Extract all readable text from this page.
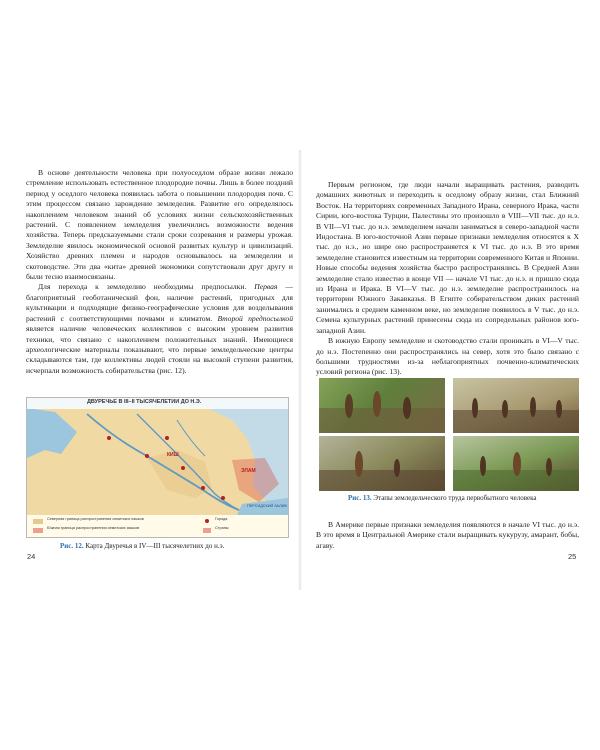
В основе деятельности человека при полуоседлом образе жизни лежало стремление использовать естественное плодородие почвы. Лишь в более поздний период у оседлого человека появилась забота о повышении плодородия почв. С этим процессом связано зарождение земледелия. Развитие его определялось накоплением человеком знаний об условиях жизни сельскохозяйственных растений. С появлением земледелия увеличились возможности ведения хозяйства. Теперь предсказуемыми стали сроки созревания и размеры урожая. Земледелие явилось экономической основой развитых культур и цивилизаций. Хозяйство древних племен и народов основывалось на земледелии и скотоводстве. Эти два «кита» древней экономики сопутствовали друг другу и были тесно взаимосвязаны.

Для перехода к земледелию необходимы предпосылки. Первая — благоприятный геоботанический фон, наличие растений, пригодных для культивации и подходящие физико-географические условия для возделывания растений с соответствующими почвами и климатом. Второй предпосылкой является наличие человеческих коллективов с высоким уровнем развития техники, что связано с накоплением положительных знаний. Имеющиеся археологические материалы показывают, что первые земледельческие центры складываются там, где коллективы людей стояли на высокой ступени развития, исчерпали возможность собирательства (рис. 12).

ДВУРЕЧЬЕ В III–II ТЫСЯЧЕЛЕТИИ ДО Н.Э.
КИШ
ЭЛАМ
ПЕРСИДСКИЙ ЗАЛИВ
Северная граница распространения семитских языков
Южная граница распространения семитских языков
Города
Страны
Рис. 12. Карта Двуречья в IV—III тысячелетних до н.э.
24

Первым регионом, где люди начали выращивать растения, разводить домашних животных и переходить к оседлому образу жизни, стал Ближний Восток. На территориях современных Западного Ирана, северного Ирака, части Сирии, юго-востока Турции, Палестины это произошло в VIII—VII тыс. до н.э. В VII—VI тыс. до н.э. земледелием начали заниматься в северо-западной части Индостана. В юго-восточной Азии первые признаки земледелия относятся к X тыс. до н.э., но шире оно распространяется к VI тыс. до н.э. В это время земледелие становится известным на территории современного Китая и Японии. Новые способы ведения хозяйства быстро распространялись. В Средней Азии земледелие стало известно в конце VII — начале VI тыс. до н.э. и пришло сюда из Ирана и Ирака. В VI—V тыс. до н.э. земледелие распространилось на территории Южного Закавказья. В Египте собирательством диких растений занимались в среднем каменном веке, но земледелие появилось в V тыс. до н.э. Семена культурных растений принесены сюда из сопредельных районов юго-западной Азии.

В южную Европу земледелие и скотоводство стали проникать в VI—V тыс. до н.э. Постепенно они распространялись на север, хотя это было связано с большими трудностями из-за неблагоприятных почвенно-климатических условий региона (рис. 13).

Рис. 13. Этапы земледельческого труда первобытного человека

В Америке первые признаки земледелия появляются в начале VI тыс. до н.э. В это время в Центральной Америке стали выращивать кукурузу, амарант, бобы, агаву.

25
